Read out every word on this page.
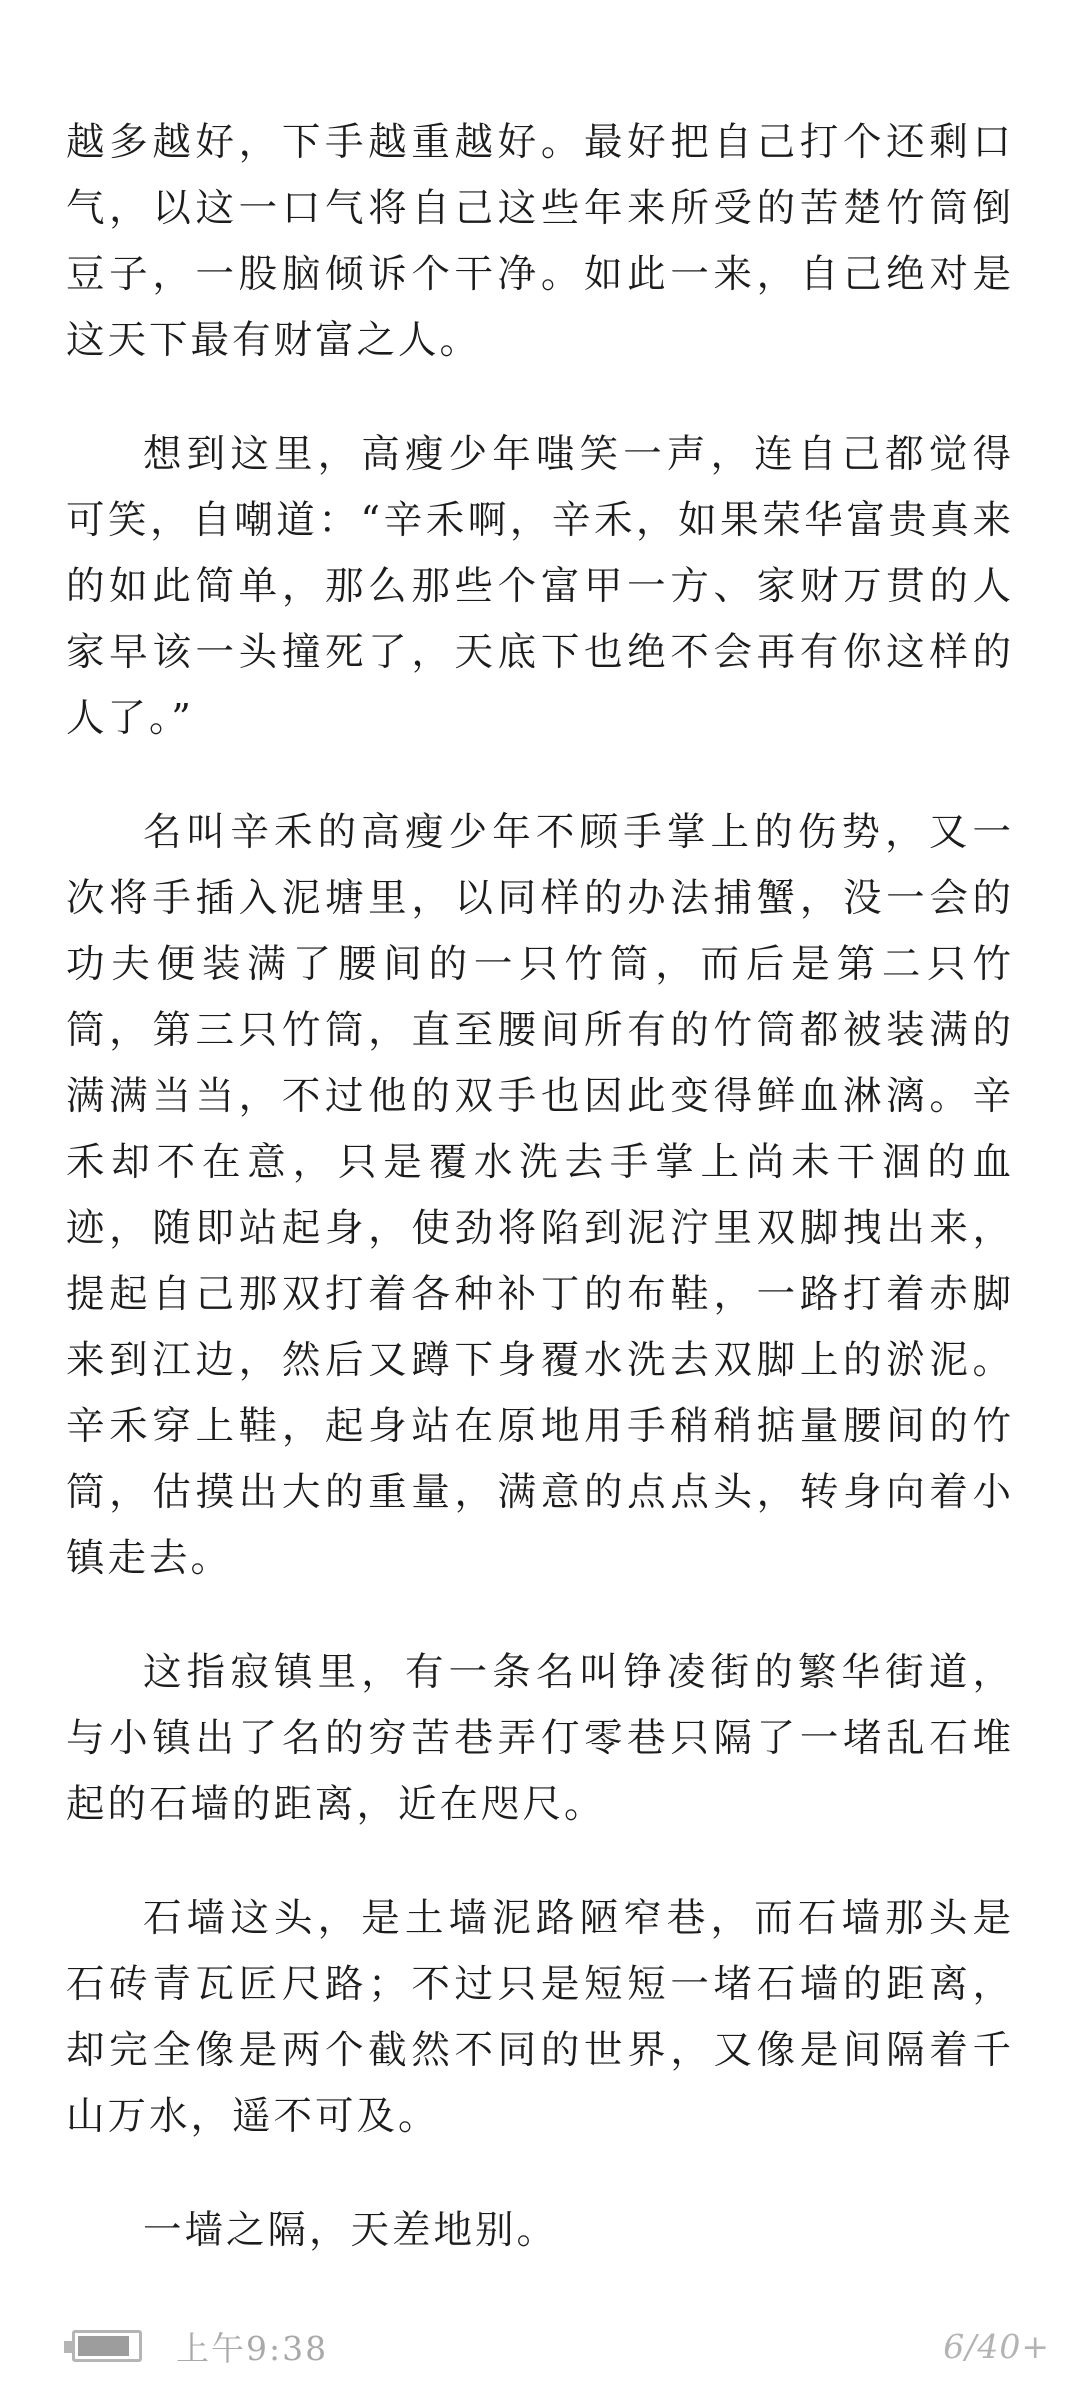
越多越好，下手越重越好。最好把自己打个还剩口气，以这一口气将自己这些年来所受的苦楚竹筒倒豆子，一股脑倾诉个干净。如此一来，自己绝对是这天下最有财富之人。

想到这里，高瘦少年嗤笑一声，连自己都觉得可笑，自嘲道：“辛禾啊，辛禾，如果荣华富贵真来的如此简单，那么那些个富甲一方、家财万贯的人家早该一头撞死了，天底下也绝不会再有你这样的人了。”

名叫辛禾的高瘦少年不顾手掌上的伤势，又一次将手插入泥塘里，以同样的办法捕蟹，没一会的功夫便装满了腰间的一只竹筒，而后是第二只竹筒，第三只竹筒，直至腰间所有的竹筒都被装满的满满当当，不过他的双手也因此变得鲜血淋漓。辛禾却不在意，只是覆水洗去手掌上尚未干涸的血迹，随即站起身，使劲将陷到泥泞里双脚拽出来，提起自己那双打着各种补丁的布鞋，一路打着赤脚来到江边，然后又蹲下身覆水洗去双脚上的淤泥。辛禾穿上鞋，起身站在原地用手稍稍掂量腰间的竹筒，估摸出大的重量，满意的点点头，转身向着小镇走去。

这指寂镇里，有一条名叫铮凌街的繁华街道，与小镇出了名的穷苦巷弄仃零巷只隔了一堵乱石堆起的石墙的距离，近在咫尺。

石墙这头，是土墙泥路陋窄巷，而石墙那头是石砖青瓦匠尺路；不过只是短短一堵石墙的距离，却完全像是两个截然不同的世界，又像是间隔着千山万水，遥不可及。

一墙之隔，天差地别。

上午9:38	6/40+
